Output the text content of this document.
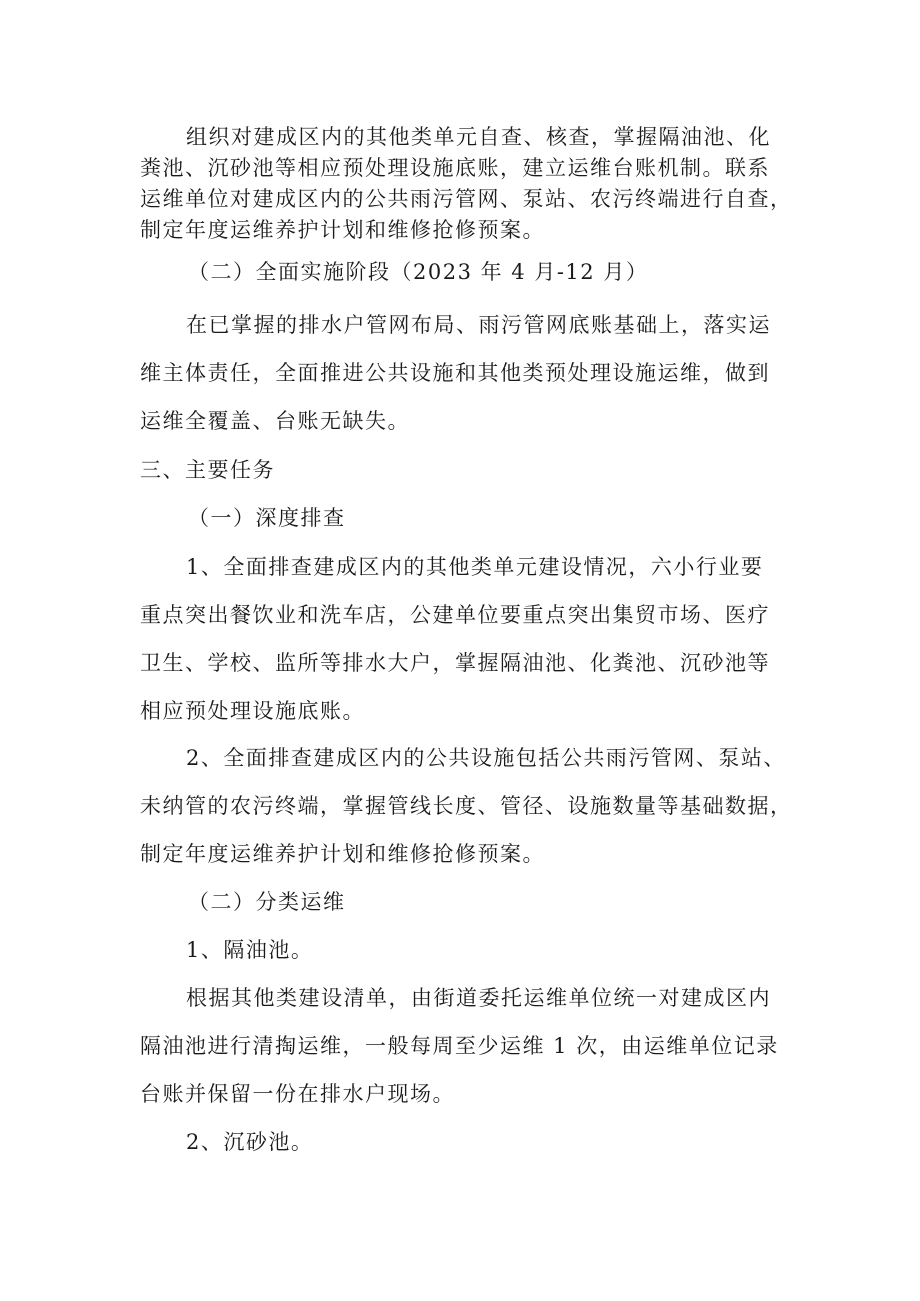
组织对建成区内的其他类单元自查、核查，掌握隔油池、化
粪池、沉砂池等相应预处理设施底账，建立运维台账机制。联系
运维单位对建成区内的公共雨污管网、泵站、农污终端进行自查，
制定年度运维养护计划和维修抢修预案。
（二）全面实施阶段（2023 年 4 月-12 月）
在已掌握的排水户管网布局、雨污管网底账基础上，落实运
维主体责任，全面推进公共设施和其他类预处理设施运维，做到
运维全覆盖、台账无缺失。
三、主要任务
（一）深度排查
1、全面排查建成区内的其他类单元建设情况，六小行业要
重点突出餐饮业和洗车店，公建单位要重点突出集贸市场、医疗
卫生、学校、监所等排水大户，掌握隔油池、化粪池、沉砂池等
相应预处理设施底账。
2、全面排查建成区内的公共设施包括公共雨污管网、泵站、
未纳管的农污终端，掌握管线长度、管径、设施数量等基础数据，
制定年度运维养护计划和维修抢修预案。
（二）分类运维
1、隔油池。
根据其他类建设清单，由街道委托运维单位统一对建成区内
隔油池进行清掏运维，一般每周至少运维 1 次，由运维单位记录
台账并保留一份在排水户现场。
2、沉砂池。
